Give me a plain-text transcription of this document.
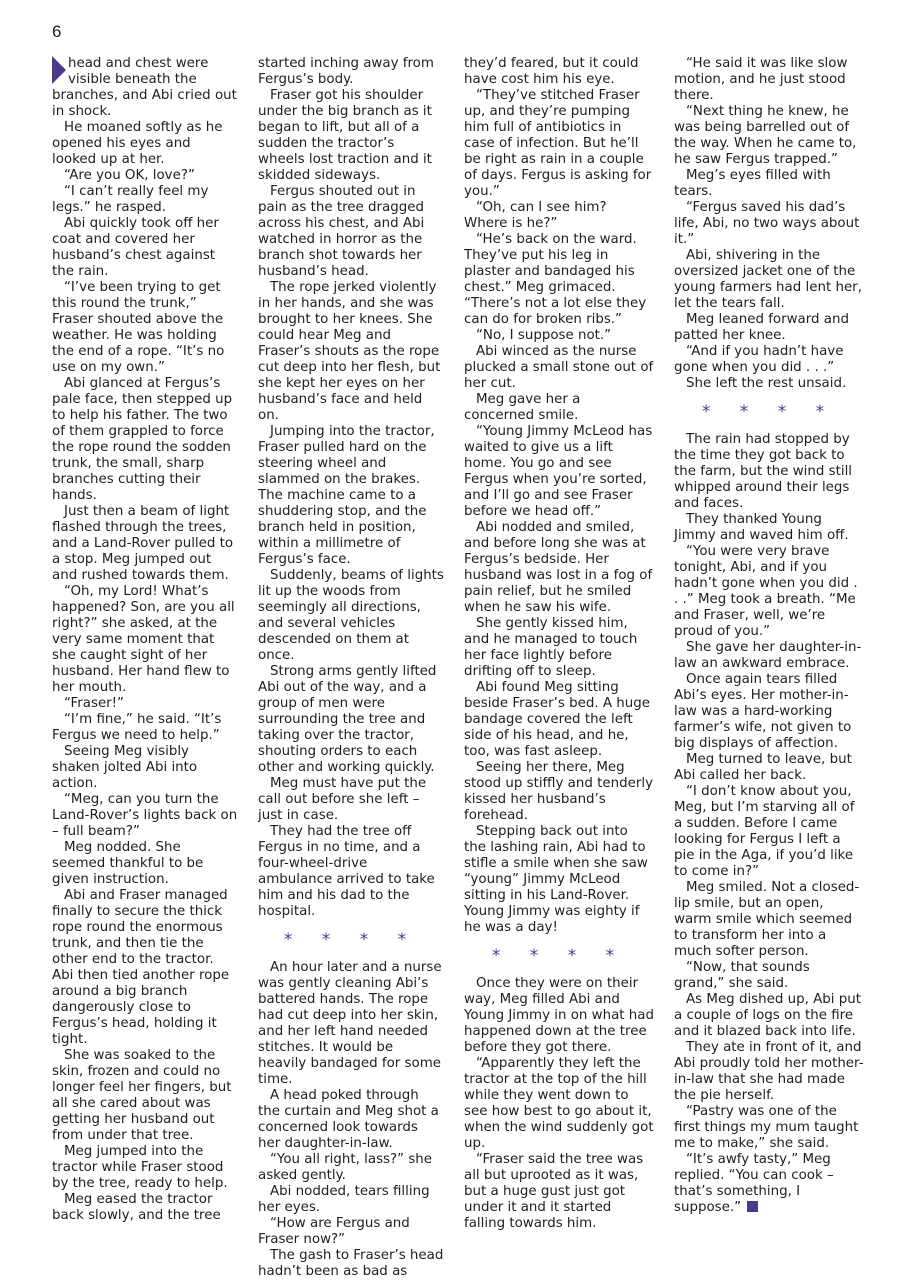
6

head and chest were visible beneath the branches, and Abi cried out in shock.

He moaned softly as he opened his eyes and looked up at her.

“Are you OK, love?”

“I can’t really feel my legs.” he rasped.

Abi quickly took off her coat and covered her husband’s chest against the rain.

“I’ve been trying to get this round the trunk,” Fraser shouted above the weather. He was holding the end of a rope. “It’s no use on my own.”

Abi glanced at Fergus’s pale face, then stepped up to help his father. The two of them grappled to force the rope round the sodden trunk, the small, sharp branches cutting their hands.

Just then a beam of light flashed through the trees, and a Land-Rover pulled to a stop. Meg jumped out and rushed towards them.

“Oh, my Lord! What’s happened? Son, are you all right?” she asked, at the very same moment that she caught sight of her husband. Her hand flew to her mouth.

“Fraser!”

“I’m fine,” he said. “It’s Fergus we need to help.”

Seeing Meg visibly shaken jolted Abi into action.

“Meg, can you turn the Land-Rover’s lights back on – full beam?”

Meg nodded. She seemed thankful to be given instruction.

Abi and Fraser managed finally to secure the thick rope round the enormous trunk, and then tie the other end to the tractor. Abi then tied another rope around a big branch dangerously close to Fergus’s head, holding it tight.

She was soaked to the skin, frozen and could no longer feel her fingers, but all she cared about was getting her husband out from under that tree.

Meg jumped into the tractor while Fraser stood by the tree, ready to help.

Meg eased the tractor back slowly, and the tree

started inching away from Fergus’s body.

Fraser got his shoulder under the big branch as it began to lift, but all of a sudden the tractor’s wheels lost traction and it skidded sideways.

Fergus shouted out in pain as the tree dragged across his chest, and Abi watched in horror as the branch shot towards her husband’s head.

The rope jerked violently in her hands, and she was brought to her knees. She could hear Meg and Fraser’s shouts as the rope cut deep into her flesh, but she kept her eyes on her husband’s face and held on.

Jumping into the tractor, Fraser pulled hard on the steering wheel and slammed on the brakes. The machine came to a shuddering stop, and the branch held in position, within a millimetre of Fergus’s face.

Suddenly, beams of lights lit up the woods from seemingly all directions, and several vehicles descended on them at once.

Strong arms gently lifted Abi out of the way, and a group of men were surrounding the tree and taking over the tractor, shouting orders to each other and working quickly.

Meg must have put the call out before she left – just in case.

They had the tree off Fergus in no time, and a four-wheel-drive ambulance arrived to take him and his dad to the hospital.

* * * *

An hour later and a nurse was gently cleaning Abi’s battered hands. The rope had cut deep into her skin, and her left hand needed stitches. It would be heavily bandaged for some time.

A head poked through the curtain and Meg shot a concerned look towards her daughter-in-law.

“You all right, lass?” she asked gently.

Abi nodded, tears filling her eyes.

“How are Fergus and Fraser now?”

The gash to Fraser’s head hadn’t been as bad as

they’d feared, but it could have cost him his eye.

“They’ve stitched Fraser up, and they’re pumping him full of antibiotics in case of infection. But he’ll be right as rain in a couple of days. Fergus is asking for you.”

“Oh, can I see him? Where is he?”

“He’s back on the ward. They’ve put his leg in plaster and bandaged his chest.” Meg grimaced. “There’s not a lot else they can do for broken ribs.”

“No, I suppose not.”

Abi winced as the nurse plucked a small stone out of her cut.

Meg gave her a concerned smile.

“Young Jimmy McLeod has waited to give us a lift home. You go and see Fergus when you’re sorted, and I’ll go and see Fraser before we head off.”

Abi nodded and smiled, and before long she was at Fergus’s bedside. Her husband was lost in a fog of pain relief, but he smiled when he saw his wife.

She gently kissed him, and he managed to touch her face lightly before drifting off to sleep.

Abi found Meg sitting beside Fraser’s bed. A huge bandage covered the left side of his head, and he, too, was fast asleep.

Seeing her there, Meg stood up stiffly and tenderly kissed her husband’s forehead.

Stepping back out into the lashing rain, Abi had to stifle a smile when she saw “young” Jimmy McLeod sitting in his Land-Rover. Young Jimmy was eighty if he was a day!

* * * *

Once they were on their way, Meg filled Abi and Young Jimmy in on what had happened down at the tree before they got there.

“Apparently they left the tractor at the top of the hill while they went down to see how best to go about it, when the wind suddenly got up.

“Fraser said the tree was all but uprooted as it was, but a huge gust just got under it and it started falling towards him.

“He said it was like slow motion, and he just stood there.

“Next thing he knew, he was being barrelled out of the way. When he came to, he saw Fergus trapped.”

Meg’s eyes filled with tears.

“Fergus saved his dad’s life, Abi, no two ways about it.”

Abi, shivering in the oversized jacket one of the young farmers had lent her, let the tears fall.

Meg leaned forward and patted her knee.

“And if you hadn’t have gone when you did . . .”

She left the rest unsaid.

* * * *

The rain had stopped by the time they got back to the farm, but the wind still whipped around their legs and faces.

They thanked Young Jimmy and waved him off.

“You were very brave tonight, Abi, and if you hadn’t gone when you did . . .” Meg took a breath. “Me and Fraser, well, we’re proud of you.”

She gave her daughter-in-law an awkward embrace.

Once again tears filled Abi’s eyes. Her mother-in-law was a hard-working farmer’s wife, not given to big displays of affection.

Meg turned to leave, but Abi called her back.

“I don’t know about you, Meg, but I’m starving all of a sudden. Before I came looking for Fergus I left a pie in the Aga, if you’d like to come in?”

Meg smiled. Not a closed-lip smile, but an open, warm smile which seemed to transform her into a much softer person.

“Now, that sounds grand,” she said.

As Meg dished up, Abi put a couple of logs on the fire and it blazed back into life.

They ate in front of it, and Abi proudly told her mother-in-law that she had made the pie herself.

“Pastry was one of the first things my mum taught me to make,” she said.

“It’s awfy tasty,” Meg replied. “You can cook – that’s something, I suppose.”
